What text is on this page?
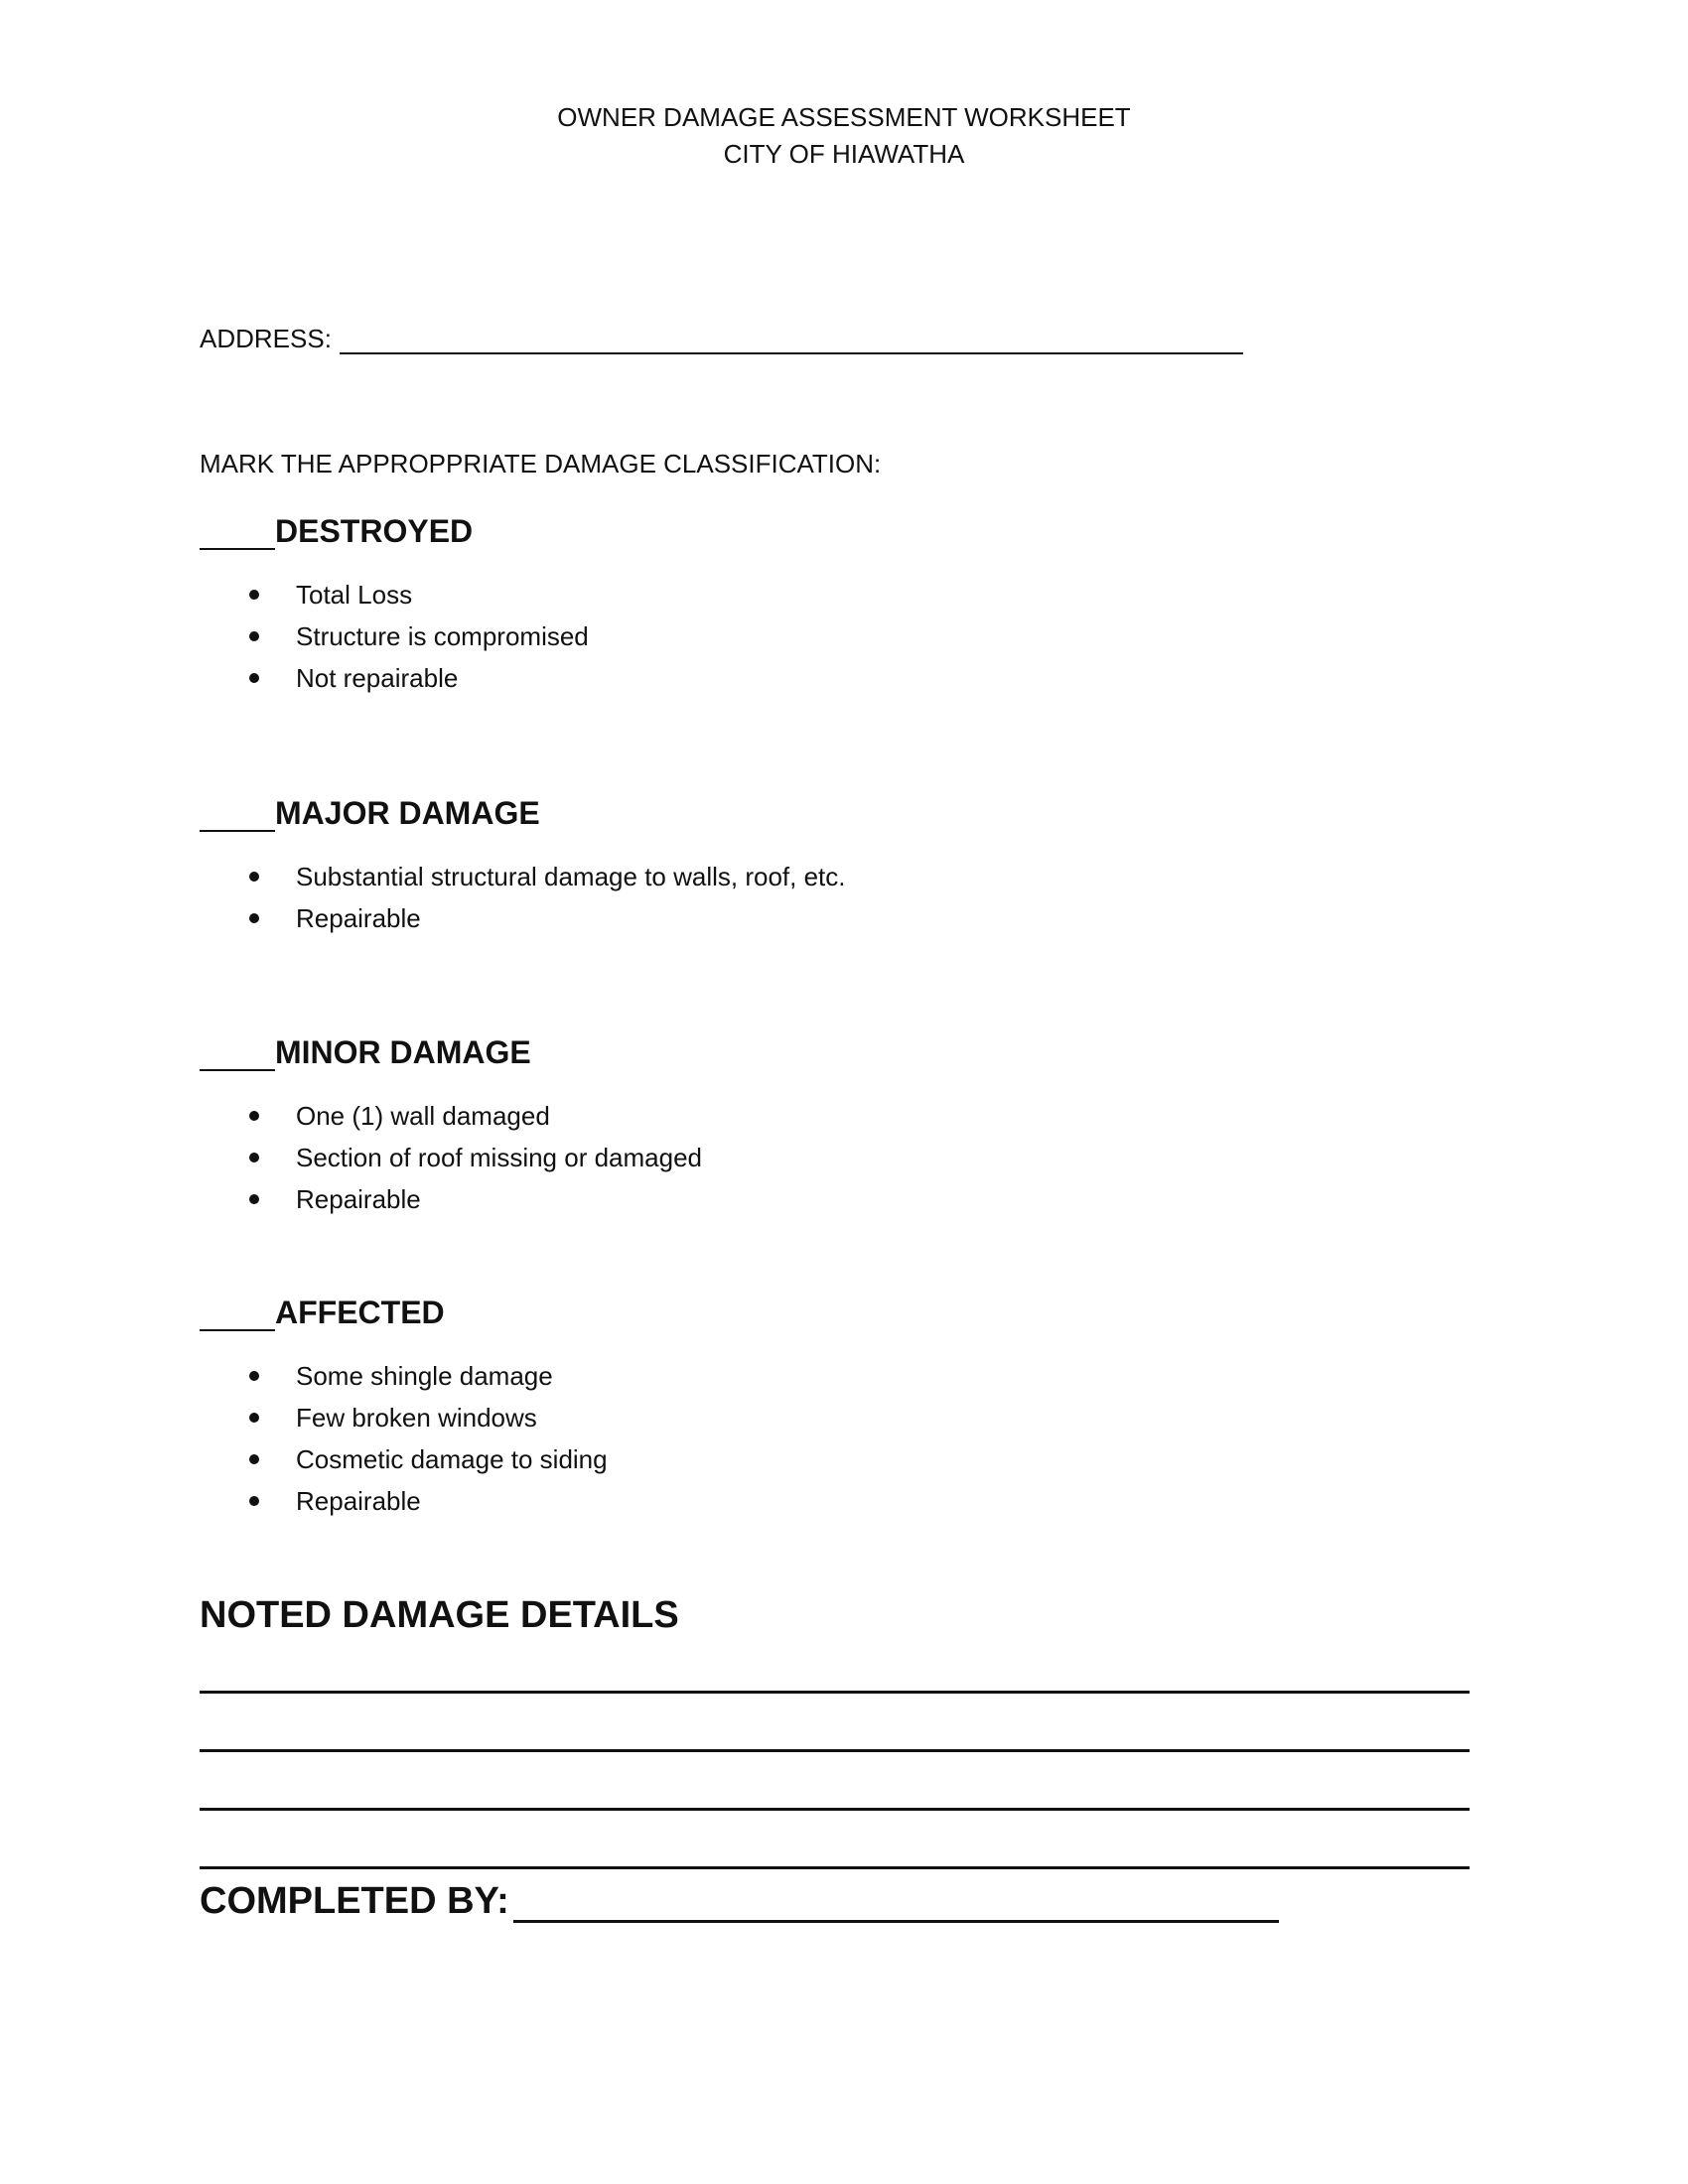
OWNER DAMAGE ASSESSMENT WORKSHEET
CITY OF HIAWATHA
ADDRESS:
MARK THE APPROPPRIATE DAMAGE CLASSIFICATION:
DESTROYED
Total Loss
Structure is compromised
Not repairable
MAJOR DAMAGE
Substantial structural damage to walls, roof, etc.
Repairable
MINOR DAMAGE
One (1) wall damaged
Section of roof missing or damaged
Repairable
AFFECTED
Some shingle damage
Few broken windows
Cosmetic damage to siding
Repairable
NOTED DAMAGE DETAILS
COMPLETED BY:
